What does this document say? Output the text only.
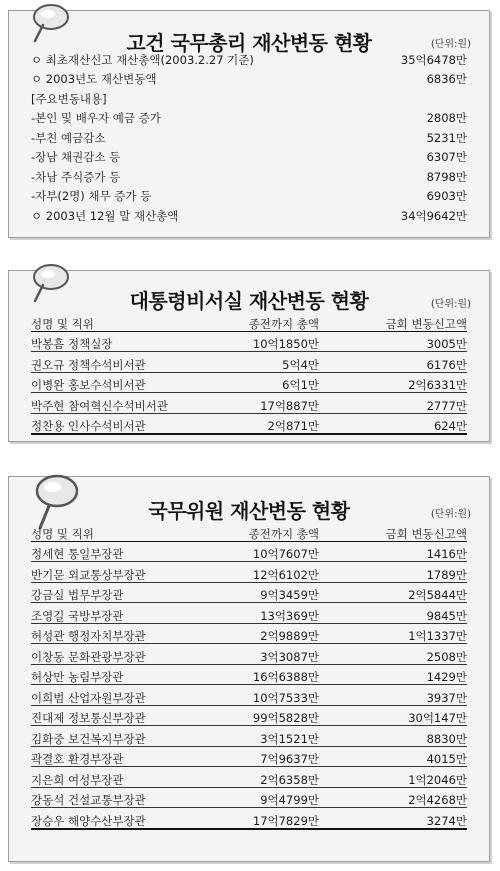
고건 국무총리 재산변동 현황	(단위:원)
ㅇ 최초재산신고 재산총액(2003.2.27 기준)	35억6478만
ㅇ 2003년도 재산변동액	6836만
[주요변동내용]
-본인 및 배우자 예금 증가	2808만
-부친 예금감소	5231만
-장남 채권감소 등	6307만
-차남 주식증가 등	8798만
-자부(2명) 채무 증가 등	6903만
ㅇ 2003년 12월 말 재산총액	34억9642만
대통령비서실 재산변동 현황	(단위:원)
성명 및 직위	종전까지 총액	금회 변동신고액
박봉흠 정책실장	10억1850만	3005만
권오규 정책수석비서관	5억4만	6176만
이병완 홍보수석비서관	6억1만	2억6331만
박주현 참여혁신수석비서관	17억887만	2777만
정찬용 인사수석비서관	2억871만	624만
국무위원 재산변동 현황	(단위:원)
성명 및 직위	종전까지 총액	금회 변동신고액
정세현 통일부장관	10억7607만	1416만
반기문 외교통상부장관	12억6102만	1789만
강금실 법무부장관	9억3459만	2억5844만
조영길 국방부장관	13억369만	9845만
허성관 행정자치부장관	2억9889만	1억1337만
이창동 문화관광부장관	3억3087만	2508만
허상만 농림부장관	16억6388만	1429만
이희범 산업자원부장관	10억7533만	3937만
진대제 정보통신부장관	99억5828만	30억147만
김화중 보건복지부장관	3억1521만	8830만
곽결호 환경부장관	7억9637만	4015만
지은희 여성부장관	2억6358만	1억2046만
강동석 건설교통부장관	9억4799만	2억4268만
장승우 해양수산부장관	17억7829만	3274만
